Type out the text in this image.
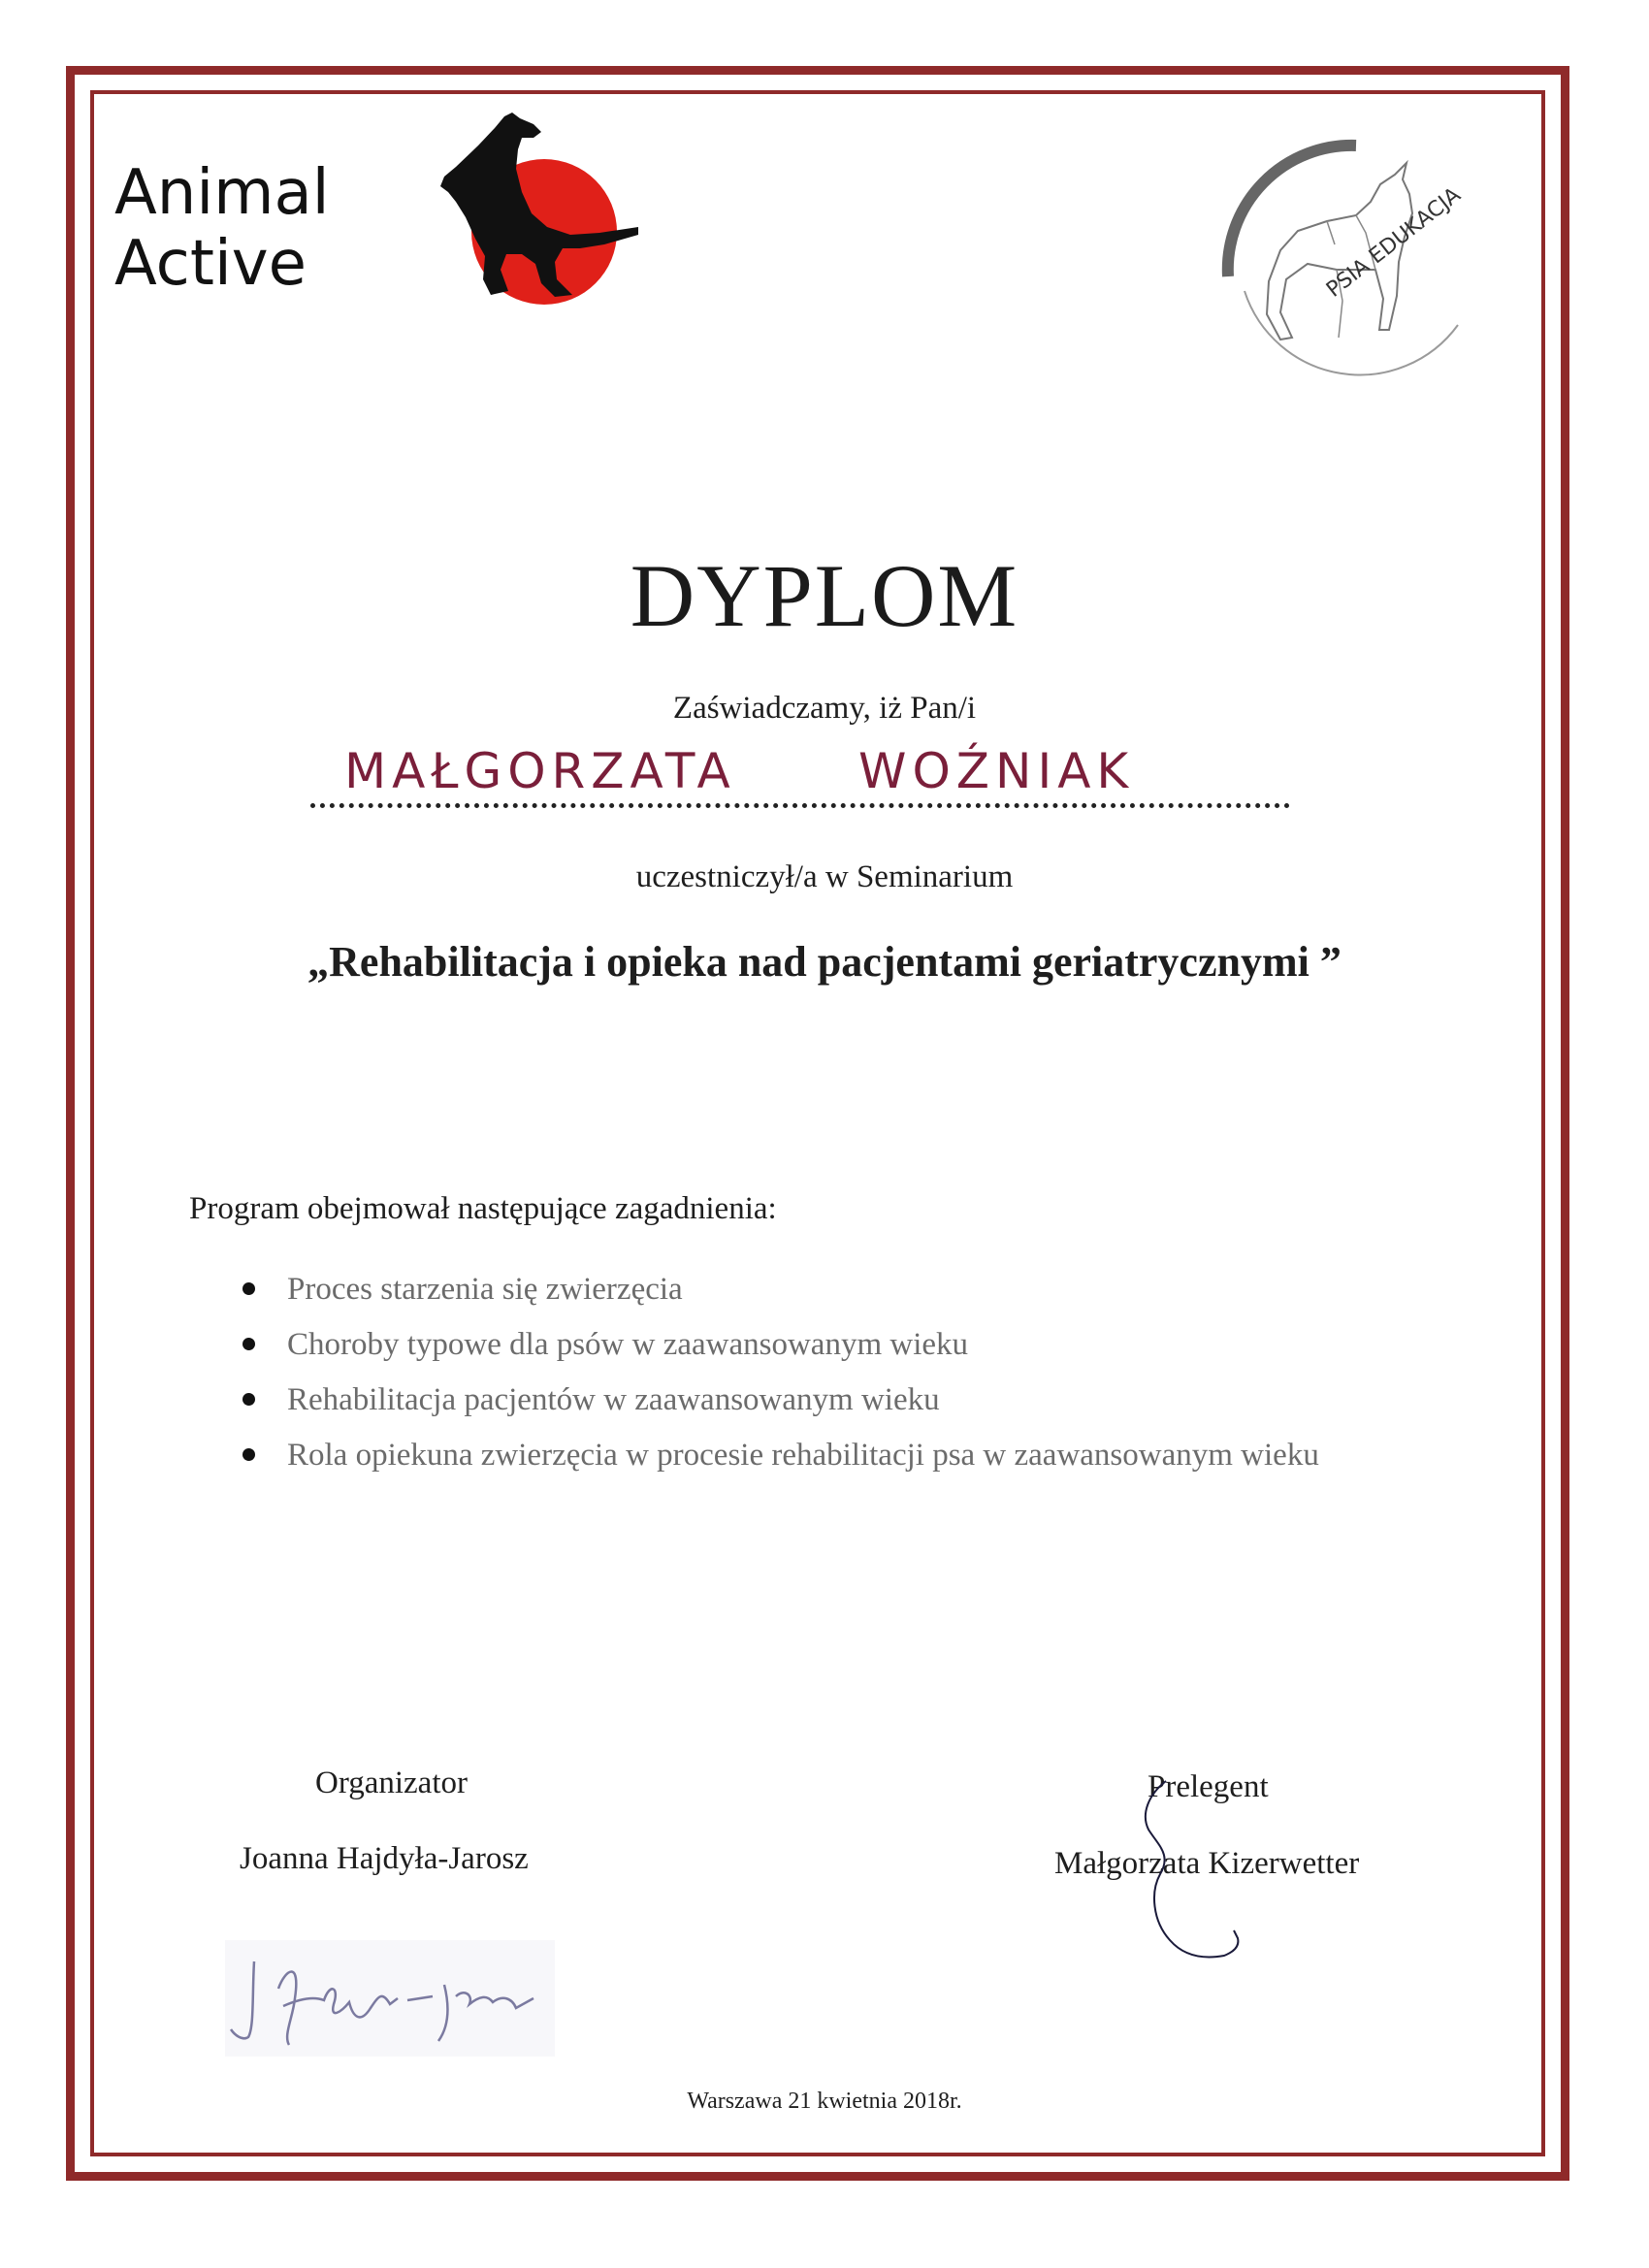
Animal
Active	PSIA EDUKACJA
DYPLOM
Zaświadczamy, iż Pan/i
MAŁGORZATA	WOŹNIAK
uczestniczył/a w Seminarium
„Rehabilitacja i opieka nad pacjentami geriatrycznymi ”
Program obejmował następujące zagadnienia:
Proces starzenia się zwierzęcia
Choroby typowe dla psów w zaawansowanym wieku
Rehabilitacja pacjentów w zaawansowanym wieku
Rola opiekuna zwierzęcia w procesie rehabilitacji psa w zaawansowanym wieku
Organizator
Joanna Hajdyła-Jarosz
Prelegent
Małgorzata Kizerwetter
Warszawa 21 kwietnia 2018r.
